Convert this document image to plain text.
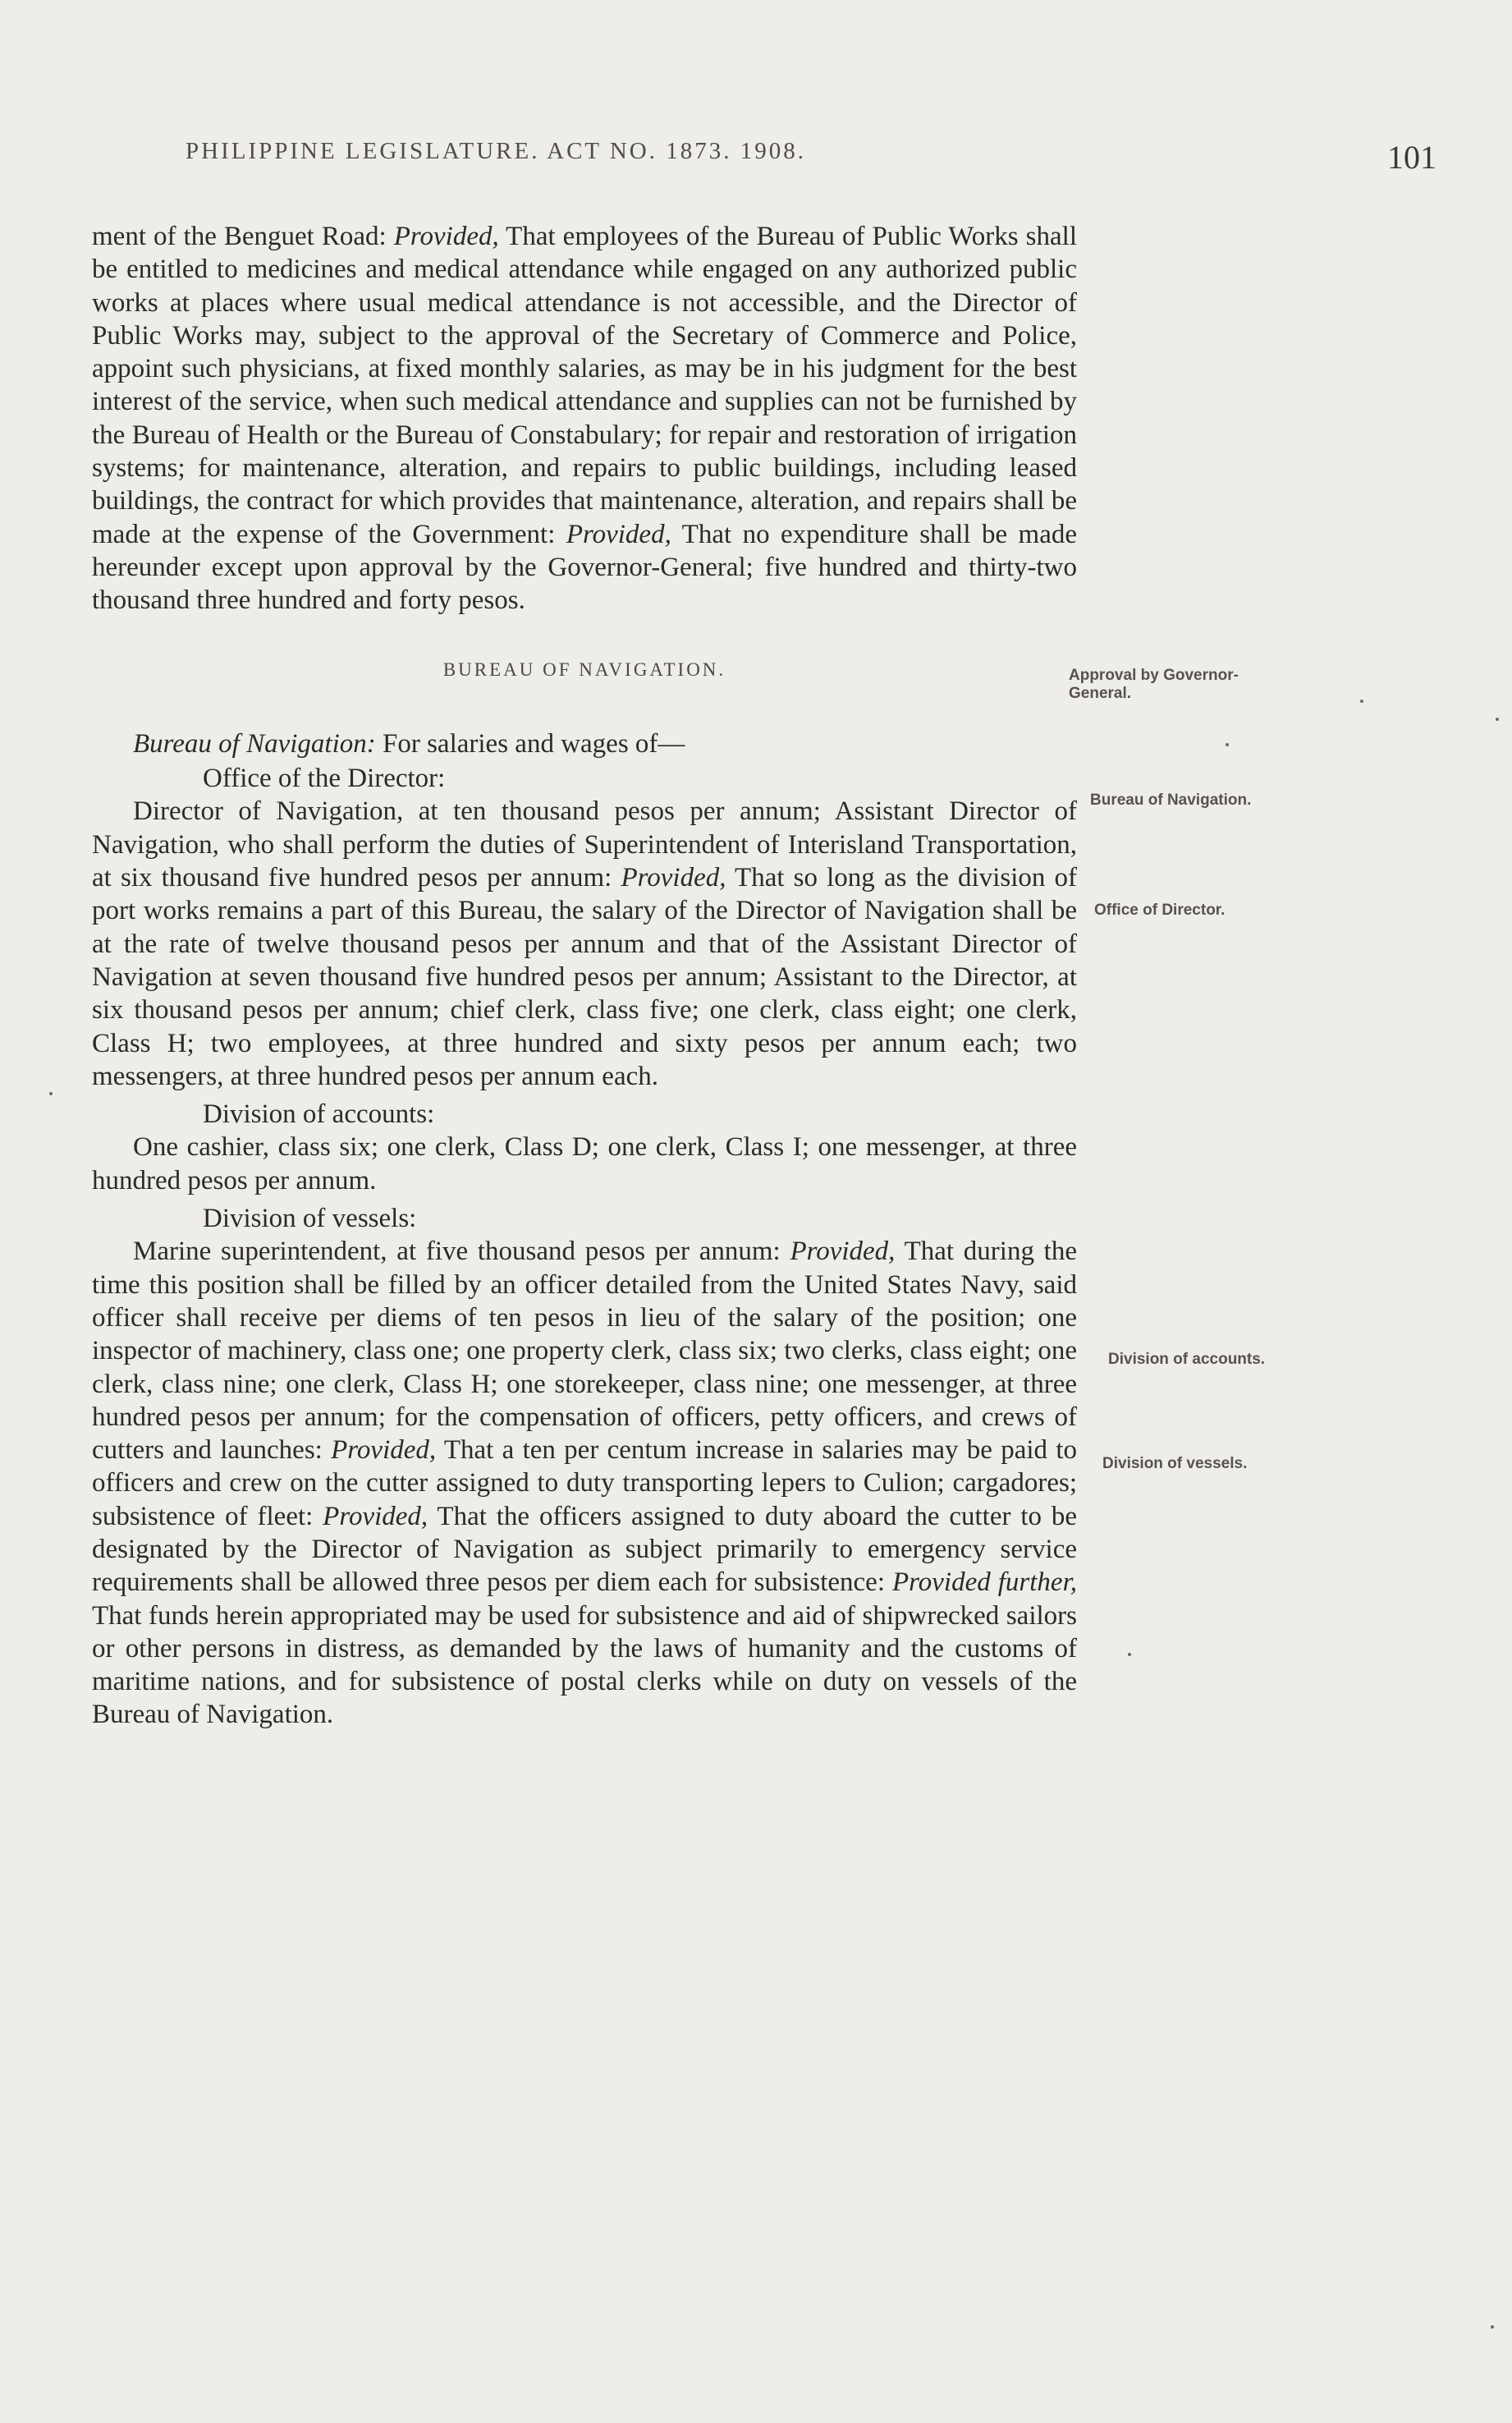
PHILIPPINE LEGISLATURE. ACT NO. 1873. 1908.	101

ment of the Benguet Road: Provided, That employees of the Bureau of Public Works shall be entitled to medicines and medical attendance while engaged on any authorized public works at places where usual medical attendance is not accessible, and the Director of Public Works may, subject to the approval of the Secretary of Commerce and Police, appoint such physicians, at fixed monthly salaries, as may be in his judgment for the best interest of the service, when such medical attendance and supplies can not be furnished by the Bureau of Health or the Bureau of Constabulary; for repair and restoration of irrigation systems; for maintenance, alteration, and repairs to public buildings, including leased buildings, the contract for which provides that maintenance, alteration, and repairs shall be made at the expense of the Government: Provided, That no expenditure shall be made hereunder except upon approval by the Governor-General; five hundred and thirty-two thousand three hundred and forty pesos.

BUREAU OF NAVIGATION.

Bureau of Navigation: For salaries and wages of—

Office of the Director:

Director of Navigation, at ten thousand pesos per annum; Assistant Director of Navigation, who shall perform the duties of Superintendent of Interisland Transportation, at six thousand five hundred pesos per annum: Provided, That so long as the division of port works remains a part of this Bureau, the salary of the Director of Navigation shall be at the rate of twelve thousand pesos per annum and that of the Assistant Director of Navigation at seven thousand five hundred pesos per annum; Assistant to the Director, at six thousand pesos per annum; chief clerk, class five; one clerk, class eight; one clerk, Class H; two employees, at three hundred and sixty pesos per annum each; two messengers, at three hundred pesos per annum each.

Division of accounts:

One cashier, class six; one clerk, Class D; one clerk, Class I; one messenger, at three hundred pesos per annum.

Division of vessels:

Marine superintendent, at five thousand pesos per annum: Provided, That during the time this position shall be filled by an officer detailed from the United States Navy, said officer shall receive per diems of ten pesos in lieu of the salary of the position; one inspector of machinery, class one; one property clerk, class six; two clerks, class eight; one clerk, class nine; one clerk, Class H; one storekeeper, class nine; one messenger, at three hundred pesos per annum; for the compensation of officers, petty officers, and crews of cutters and launches: Provided, That a ten per centum increase in salaries may be paid to officers and crew on the cutter assigned to duty transporting lepers to Culion; cargadores; subsistence of fleet: Provided, That the officers assigned to duty aboard the cutter to be designated by the Director of Navigation as subject primarily to emergency service requirements shall be allowed three pesos per diem each for subsistence: Provided further, That funds herein appropriated may be used for subsistence and aid of shipwrecked sailors or other persons in distress, as demanded by the laws of humanity and the customs of maritime nations, and for subsistence of postal clerks while on duty on vessels of the Bureau of Navigation.

Approval by Governor-General.
Bureau of Navigation.
Office of Director.
Division of accounts.
Division of vessels.
